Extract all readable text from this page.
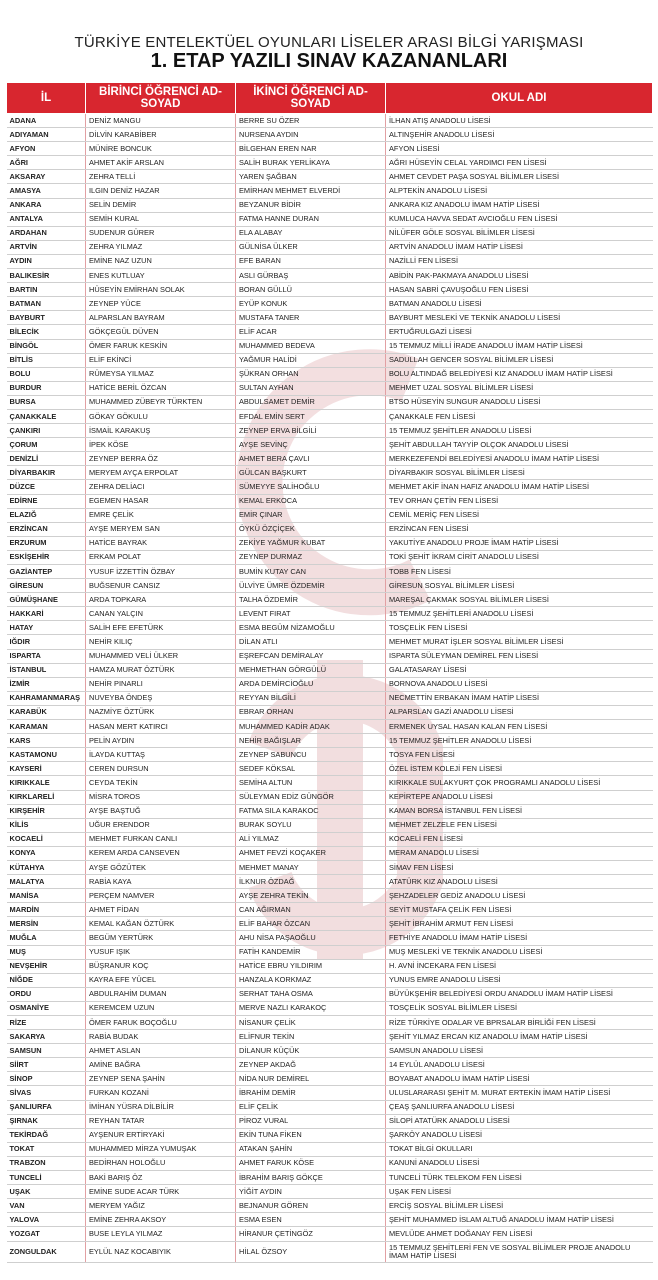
TÜRKİYE ENTELEKTÜEL OYUNLARI LİSELER ARASI BİLGİ YARIŞMASI
1. ETAP YAZILI SINAV KAZANANLARI
İL	BİRİNCİ ÖĞRENCİ AD-SOYAD	İKİNCİ ÖĞRENCİ AD-SOYAD	OKUL ADI
ADANA	DENİZ MANGU	BERRE SU ÖZER	İLHAN ATIŞ ANADOLU LİSESİ
ADIYAMAN	DİLVİN KARABİBER	NURSENA AYDIN	ALTINŞEHİR ANADOLU LİSESİ
AFYON	MÜNİRE BONCUK	BİLGEHAN EREN NAR	AFYON LİSESİ
AĞRI	AHMET AKİF ARSLAN	SALİH BURAK YERLİKAYA	AĞRI HÜSEYİN CELAL YARDIMCI FEN LİSESİ
AKSARAY	ZEHRA TELLİ	YAREN ŞAĞBAN	AHMET CEVDET PAŞA SOSYAL BİLİMLER LİSESİ
AMASYA	ILGIN DENİZ HAZAR	EMİRHAN MEHMET ELVERDİ	ALPTEKİN ANADOLU LİSESİ
ANKARA	SELİN DEMİR	BEYZANUR BİDİR	ANKARA KIZ ANADOLU İMAM HATİP LİSESİ
ANTALYA	SEMİH KURAL	FATMA HANNE DURAN	KUMLUCA HAVVA SEDAT AVCIOĞLU FEN LİSESİ
ARDAHAN	SUDENUR GÜRER	ELA ALABAY	NİLÜFER GÖLE SOSYAL BİLİMLER LİSESİ
ARTVİN	ZEHRA YILMAZ	GÜLNİSA ÜLKER	ARTVİN ANADOLU İMAM HATİP LİSESİ
AYDIN	EMİNE NAZ UZUN	EFE BARAN	NAZİLLİ FEN LİSESİ
BALIKESİR	ENES KUTLUAY	ASLI GÜRBAŞ	ABİDİN PAK-PAKMAYA ANADOLU LİSESİ
BARTIN	HÜSEYİN EMİRHAN SOLAK	BORAN GÜLLÜ	HASAN SABRİ ÇAVUŞOĞLU FEN LİSESİ
BATMAN	ZEYNEP YÜCE	EYÜP KONUK	BATMAN ANADOLU LİSESİ
BAYBURT	ALPARSLAN BAYRAM	MUSTAFA TANER	BAYBURT MESLEKİ VE TEKNİK ANADOLU LİSESİ
BİLECİK	GÖKÇEGÜL DÜVEN	ELİF ACAR	ERTUĞRULGAZİ LİSESİ
BİNGÖL	ÖMER FARUK KESKİN	MUHAMMED BEDEVA	15 TEMMUZ MİLLİ İRADE ANADOLU İMAM HATİP LİSESİ
BİTLİS	ELİF EKİNCİ	YAĞMUR HALİDİ	SADULLAH GENCER SOSYAL BİLİMLER LİSESİ
BOLU	RÜMEYSA YILMAZ	ŞÜKRAN ORHAN	BOLU ALTINDAĞ BELEDİYESİ KIZ ANADOLU İMAM HATİP LİSESİ
BURDUR	HATİCE BERİL ÖZCAN	SULTAN AYHAN	MEHMET UZAL SOSYAL BİLİMLER LİSESİ
BURSA	MUHAMMED ZÜBEYR TÜRKTEN	ABDULSAMET DEMİR	BTSO HÜSEYİN SUNGUR ANADOLU LİSESİ
ÇANAKKALE	GÖKAY GÖKULU	EFDAL EMİN SERT	ÇANAKKALE FEN LİSESİ
ÇANKIRI	İSMAİL KARAKUŞ	ZEYNEP ERVA BİLGİLİ	15 TEMMUZ ŞEHİTLER ANADOLU LİSESİ
ÇORUM	İPEK KÖSE	AYŞE SEVİNÇ	ŞEHİT ABDULLAH TAYYİP OLÇOK ANADOLU LİSESİ
DENİZLİ	ZEYNEP BERRA ÖZ	AHMET BERA ÇAVLI	MERKEZEFENDİ BELEDİYESİ ANADOLU İMAM HATİP LİSESİ
DİYARBAKIR	MERYEM AYÇA ERPOLAT	GÜLCAN BAŞKURT	DİYARBAKIR SOSYAL BİLİMLER LİSESİ
DÜZCE	ZEHRA DELİACI	SÜMEYYE SALİHOĞLU	MEHMET AKİF İNAN HAFIZ ANADOLU İMAM HATİP LİSESİ
EDİRNE	EGEMEN HASAR	KEMAL ERKOCA	TEV ORHAN ÇETİN FEN LİSESİ
ELAZIĞ	EMRE ÇELİK	EMİR ÇINAR	CEMİL MERİÇ FEN LİSESİ
ERZİNCAN	AYŞE MERYEM SAN	ÖYKÜ ÖZÇİÇEK	ERZİNCAN FEN LİSESİ
ERZURUM	HATİCE BAYRAK	ZEKİYE YAĞMUR KUBAT	YAKUTİYE ANADOLU PROJE İMAM HATİP LİSESİ
ESKİŞEHİR	ERKAM POLAT	ZEYNEP DURMAZ	TOKİ ŞEHİT İKRAM CİRİT ANADOLU LİSESİ
GAZİANTEP	YUSUF İZZETTİN ÖZBAY	BUMİN KUTAY CAN	TOBB FEN LİSESİ
GİRESUN	BUĞSENUR CANSIZ	ÜLVİYE ÜMRE ÖZDEMİR	GİRESUN SOSYAL BİLİMLER LİSESİ
GÜMÜŞHANE	ARDA TOPKARA	TALHA ÖZDEMİR	MAREŞAL ÇAKMAK SOSYAL BİLİMLER LİSESİ
HAKKARİ	CANAN YALÇIN	LEVENT FIRAT	15 TEMMUZ ŞEHİTLERİ ANADOLU LİSESİ
HATAY	SALİH EFE EFETÜRK	ESMA BEGÜM NİZAMOĞLU	TOSÇELİK FEN LİSESİ
IĞDIR	NEHİR KILIÇ	DİLAN ATLI	MEHMET MURAT İŞLER SOSYAL BİLİMLER LİSESİ
ISPARTA	MUHAMMED VELİ ÜLKER	EŞREFCAN DEMİRALAY	ISPARTA SÜLEYMAN DEMİREL FEN LİSESİ
İSTANBUL	HAMZA MURAT ÖZTÜRK	MEHMETHAN GÖRGÜLÜ	GALATASARAY LİSESİ
İZMİR	NEHİR PINARLI	ARDA DEMİRCİOĞLU	BORNOVA ANADOLU LİSESİ
KAHRAMANMARAŞ	NUVEYBA ÖNDEŞ	REYYAN BİLGİLİ	NECMETTİN ERBAKAN İMAM HATİP LİSESİ
KARABÜK	NAZMİYE ÖZTÜRK	EBRAR ORHAN	ALPARSLAN GAZİ ANADOLU LİSESİ
KARAMAN	HASAN MERT KATIRCI	MUHAMMED KADİR ADAK	ERMENEK UYSAL HASAN KALAN FEN LİSESİ
KARS	PELİN AYDIN	NEHİR BAĞIŞLAR	15 TEMMUZ ŞEHİTLER ANADOLU LİSESİ
KASTAMONU	İLAYDA KUTTAŞ	ZEYNEP SABUNCU	TOSYA FEN LİSESİ
KAYSERİ	CEREN DURSUN	SEDEF KÖKSAL	ÖZEL İSTEM KOLEJİ FEN LİSESİ
KIRIKKALE	CEYDA TEKİN	SEMİHA ALTUN	KIRIKKALE SULAKYURT ÇOK PROGRAMLI ANADOLU LİSESİ
KIRKLARELİ	MİSRA TOROS	SÜLEYMAN EDİZ GÜNGÖR	KEPİRTEPE ANADOLU LİSESİ
KIRŞEHİR	AYŞE BAŞTUĞ	FATMA SILA KARAKOC	KAMAN BORSA İSTANBUL FEN LİSESİ
KİLİS	UĞUR ERENDOR	BURAK SOYLU	MEHMET ZELZELE FEN LİSESİ
KOCAELİ	MEHMET FURKAN CANLI	ALİ YILMAZ	KOCAELİ FEN LİSESİ
KONYA	KEREM ARDA CANSEVEN	AHMET FEVZİ KOÇAKER	MERAM ANADOLU LİSESİ
KÜTAHYA	AYŞE GÖZÜTEK	MEHMET MANAY	SİMAV FEN LİSESİ
MALATYA	RABİA KAYA	İLKNUR ÖZDAĞ	ATATÜRK KIZ ANADOLU LİSESİ
MANİSA	PERÇEM NAMVER	AYŞE ZEHRA TEKİN	ŞEHZADELER GEDİZ ANADOLU LİSESİ
MARDİN	AHMET FİDAN	CAN AĞIRMAN	SEYİT MUSTAFA ÇELİK FEN LİSESİ
MERSİN	KEMAL KAĞAN ÖZTÜRK	ELİF BAHAR ÖZCAN	ŞEHİT İBRAHİM ARMUT FEN LİSESİ
MUĞLA	BEGÜM YERTÜRK	AHU NİSA PAŞAOĞLU	FETHİYE ANADOLU İMAM HATİP LİSESİ
MUŞ	YUSUF IŞIK	FATİH KANDEMİR	MUŞ MESLEKİ VE TEKNİK ANADOLU LİSESİ
NEVŞEHİR	BÜŞRANUR KOÇ	HATİCE EBRU YILDIRIM	H. AVNİ İNCEKARA FEN LİSESİ
NİĞDE	KAYRA EFE YÜCEL	HANZALA KORKMAZ	YUNUS EMRE ANADOLU LİSESİ
ORDU	ABDULRAHİM DUMAN	SERHAT TAHA OSMA	BÜYÜKŞEHİR BELEDİYESİ ORDU ANADOLU İMAM HATİP LİSESİ
OSMANİYE	KEREMCEM UZUN	MERVE NAZLI KARAKOÇ	TOSÇELİK SOSYAL BİLİMLER LİSESİ
RİZE	ÖMER FARUK BOÇOĞLU	NİSANUR ÇELİK	RİZE TÜRKİYE ODALAR VE BPRSALAR BİRLİĞİ FEN LİSESİ
SAKARYA	RABİA BUDAK	ELİFNUR TEKİN	ŞEHİT YILMAZ ERCAN KIZ ANADOLU İMAM HATİP LİSESİ
SAMSUN	AHMET ASLAN	DİLANUR KÜÇÜK	SAMSUN ANADOLU LİSESİ
SİİRT	AMİNE BAĞRA	ZEYNEP AKDAĞ	14 EYLÜL ANADOLU LİSESİ
SİNOP	ZEYNEP SENA ŞAHİN	NİDA NUR DEMİREL	BOYABAT ANADOLU İMAM HATİP LİSESİ
SİVAS	FURKAN KOZANİ	İBRAHİM DEMİR	ULUSLARARASI ŞEHİT M. MURAT ERTEKİN İMAM HATİP LİSESİ
ŞANLIURFA	İMİHAN YÜSRA DİLBİLİR	ELİF ÇELİK	ÇEAŞ ŞANLIURFA ANADOLU LİSESİ
ŞIRNAK	REYHAN TATAR	PİROZ VURAL	SİLOPİ ATATÜRK ANADOLU LİSESİ
TEKİRDAĞ	AYŞENUR ERTİRYAKİ	EKİN TUNA FİKEN	ŞARKÖY ANADOLU LİSESİ
TOKAT	MUHAMMED MİRZA YUMUŞAK	ATAKAN ŞAHİN	TOKAT BİLGİ OKULLARI
TRABZON	BEDİRHAN HOLOĞLU	AHMET FARUK KÖSE	KANUNİ ANADOLU LİSESİ
TUNCELİ	BAKİ BARIŞ ÖZ	İBRAHİM BARIŞ GÖKÇE	TUNCELİ TÜRK TELEKOM FEN LİSESİ
UŞAK	EMİNE SUDE ACAR TÜRK	YİĞİT AYDIN	UŞAK FEN LİSESİ
VAN	MERYEM YAĞIZ	BEJNANUR GÖREN	ERCİŞ SOSYAL BİLİMLER LİSESİ
YALOVA	EMİNE ZEHRA AKSOY	ESMA ESEN	ŞEHİT MUHAMMED İSLAM ALTUĞ ANADOLU İMAM HATİP LİSESİ
YOZGAT	BUSE LEYLA YILMAZ	HİRANUR ÇETİNGÖZ	MEVLÜDE AHMET DOĞANAY FEN LİSESİ
ZONGULDAK	EYLÜL NAZ KOCABIYIK	HİLAL ÖZSOY	15 TEMMUZ ŞEHİTLERİ FEN VE SOSYAL BİLİMLER PROJE ANADOLU İMAM HATİP LİSESİ
